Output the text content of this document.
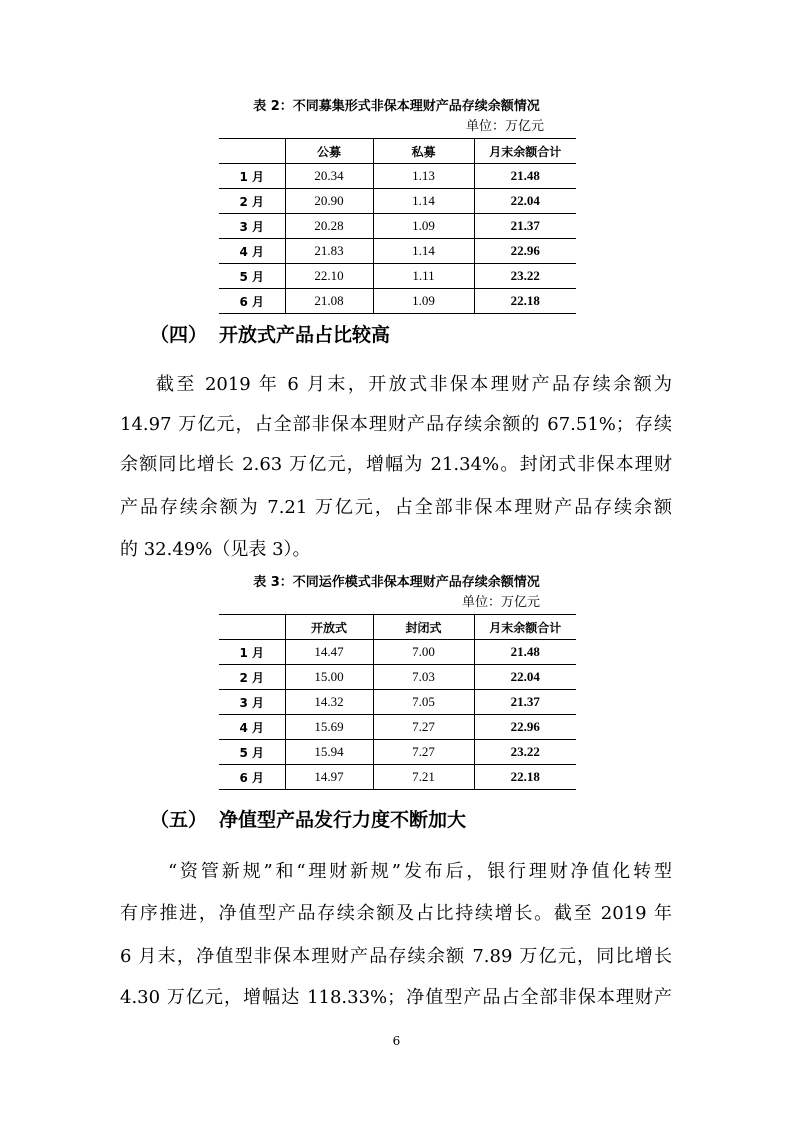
表 2：不同募集形式非保本理财产品存续余额情况
单位：万亿元
	公募	私募	月末余额合计
1 月	20.34	1.13	21.48
2 月	20.90	1.14	22.04
3 月	20.28	1.09	21.37
4 月	21.83	1.14	22.96
5 月	22.10	1.11	23.22
6 月	21.08	1.09	22.18
（四） 开放式产品占比较高
截至 2019 年 6 月末，开放式非保本理财产品存续余额为
14.97 万亿元，占全部非保本理财产品存续余额的 67.51%；存续
余额同比增长 2.63 万亿元，增幅为 21.34%。封闭式非保本理财
产品存续余额为 7.21 万亿元，占全部非保本理财产品存续余额
的 32.49%（见表 3）。
表 3：不同运作模式非保本理财产品存续余额情况
单位：万亿元
	开放式	封闭式	月末余额合计
1 月	14.47	7.00	21.48
2 月	15.00	7.03	22.04
3 月	14.32	7.05	21.37
4 月	15.69	7.27	22.96
5 月	15.94	7.27	23.22
6 月	14.97	7.21	22.18
（五） 净值型产品发行力度不断加大
“资管新规”和“理财新规”发布后，银行理财净值化转型
有序推进，净值型产品存续余额及占比持续增长。截至 2019 年
6 月末，净值型非保本理财产品存续余额 7.89 万亿元，同比增长
4.30 万亿元，增幅达 118.33%；净值型产品占全部非保本理财产
6
